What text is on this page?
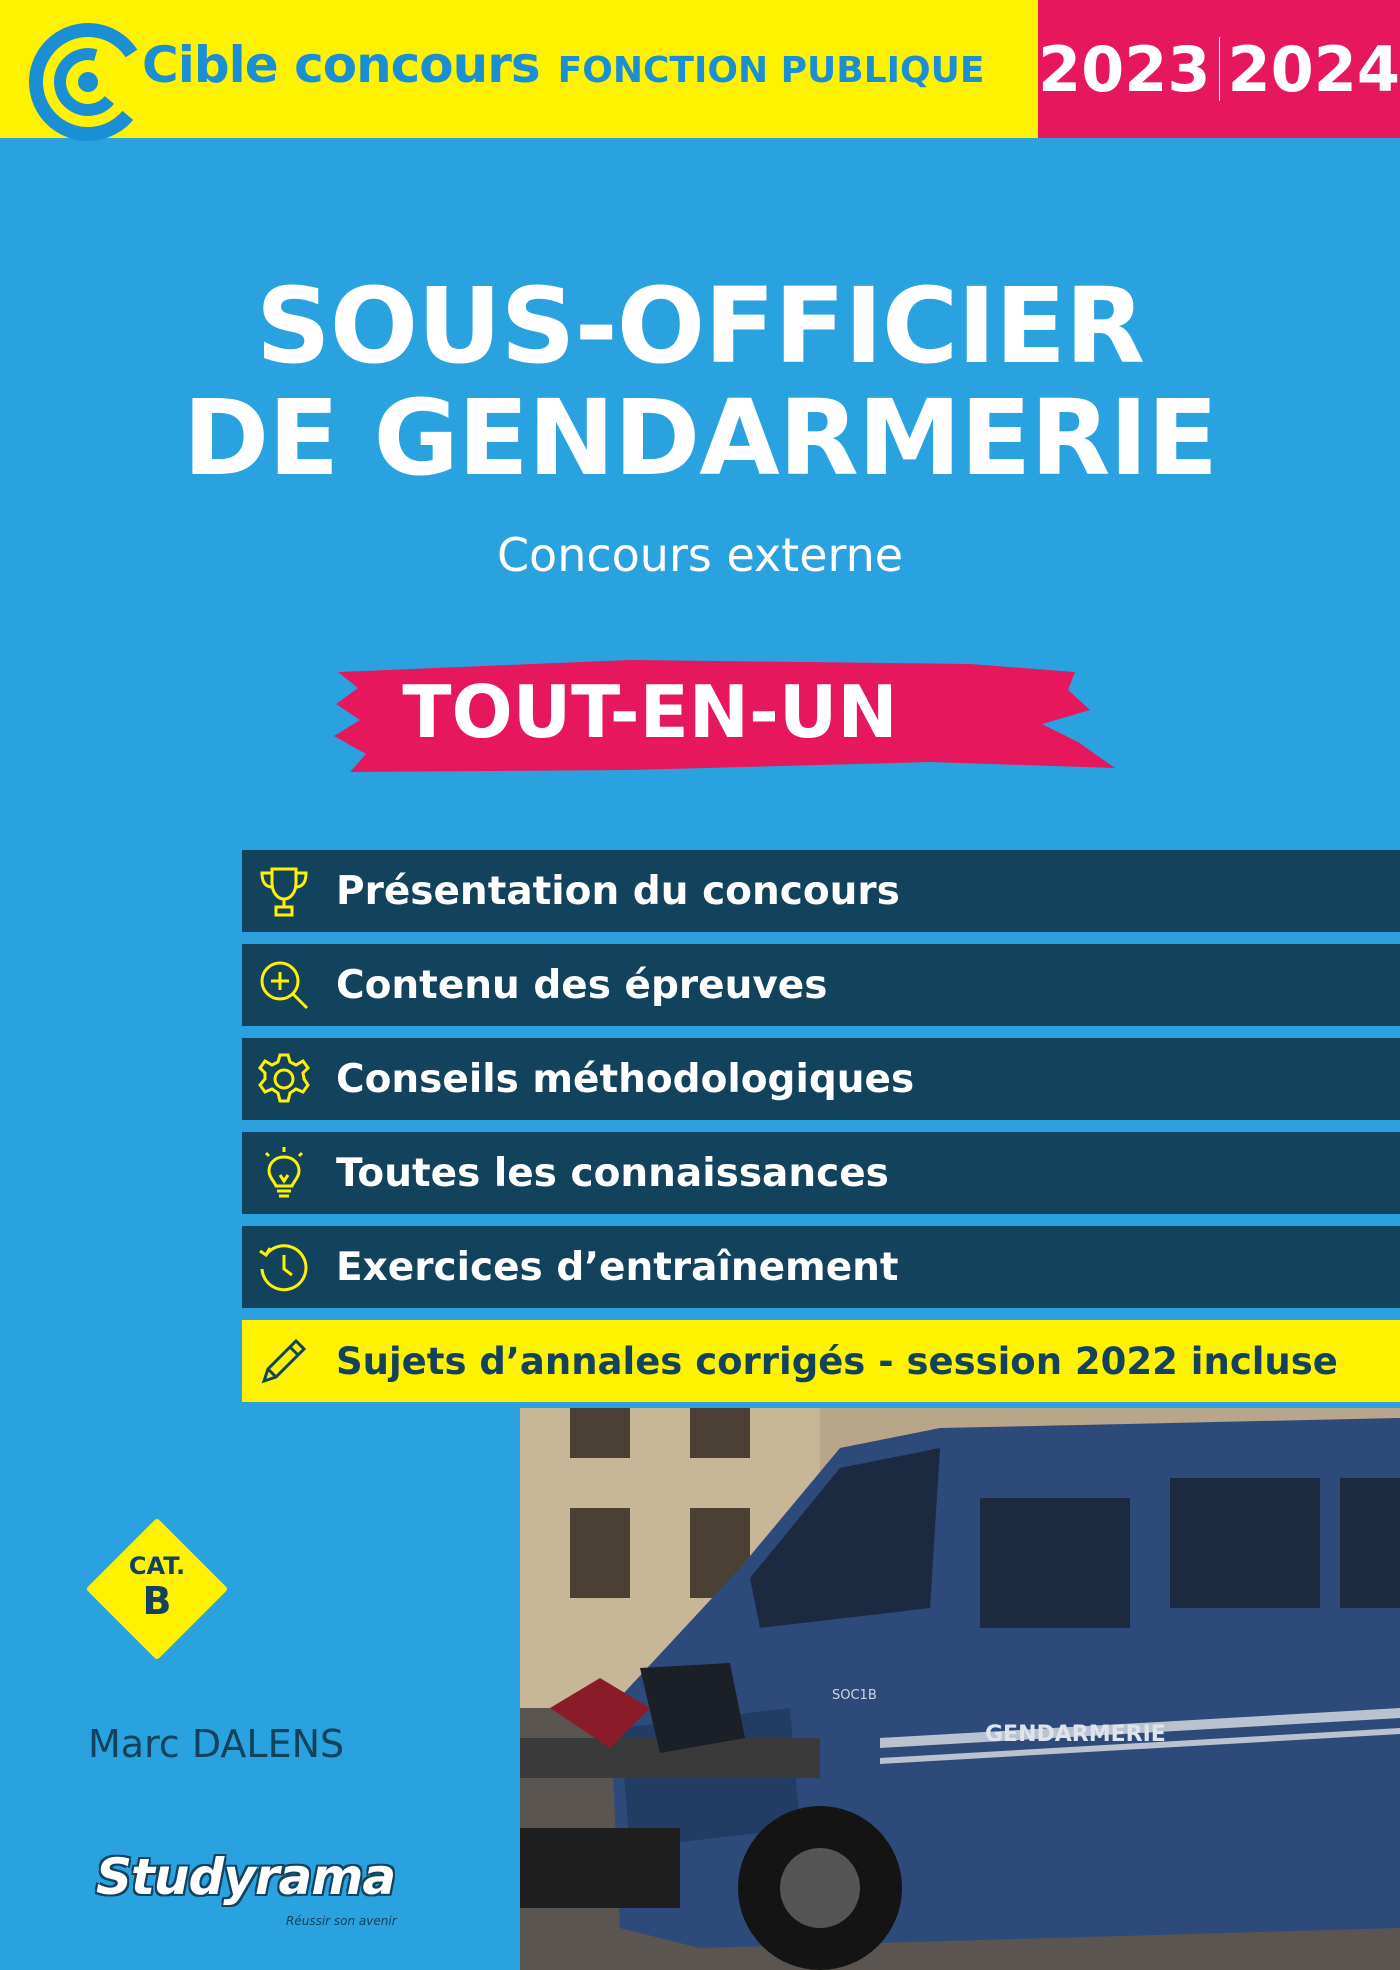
Cible concours FONCTION PUBLIQUE 2023 2024
SOUS-OFFICIER
DE GENDARMERIE
Concours externe
TOUT-EN-UN
Présentation du concours
Contenu des épreuves
Conseils méthodologiques
Toutes les connaissances
Exercices d’entraînement
Sujets d’annales corrigés - session 2022 incluse
GENDARMERIE
SOC1B
CAT.
B
Marc DALENS
Studyrama
Réussir son avenir
